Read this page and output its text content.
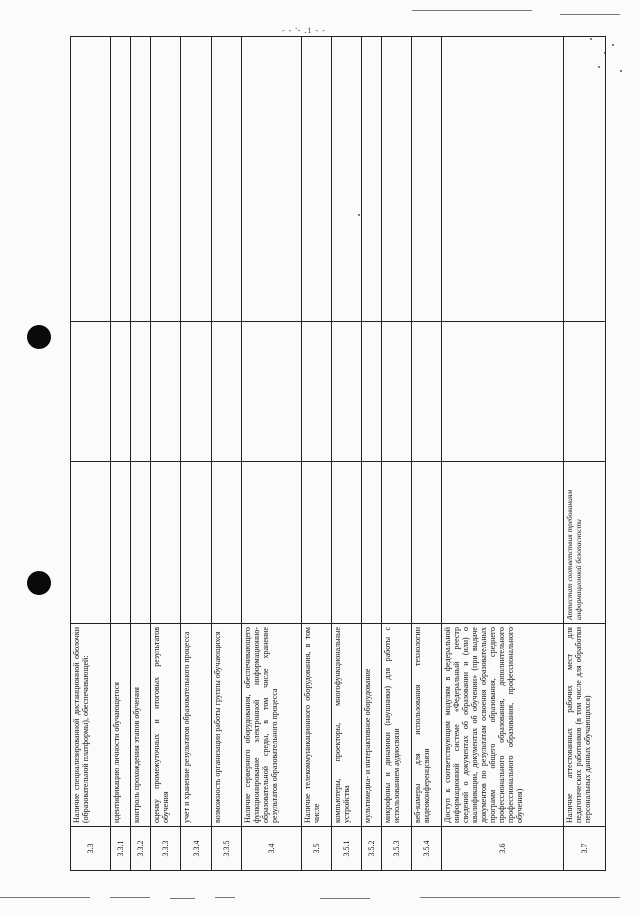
- - '- .1 - -
3.3	Наличие специализированной дистанционной оболочки (образовательной платформы), обеспечивающей:			
3.3.1	идентификацию личности обучающегося			
3.3.2	контроль прохождения этапов обучения			
3.3.3	оценку промежуточных и итоговых результатов обучения			
3.3.4	учет и хранение результатов образовательного процесса			
3.3.5	возможность организации работы группы обучающихся			
3.4	Наличие серверного оборудования, обеспечивающего функционирование электронной информационно-образовательной среды, в том числе хранение результатов образовательного процесса			
3.5	Наличие телекоммуникационного оборудования, в том числе			
3.5.1	компьютеры, проекторы, многофункциональные устройства			
3.5.2	мультимедиа- и интерактивное оборудование			
3.5.3	микрофоны и динамики (наушники) для работы с использованием аудиосвязи			
3.5.4	веб-камеры для использования технологии видеоконференцсвязи			
3.6	Доступ к соответствующим модулям в федеральной информационной системе «Федеральный реестр сведений о документах об образовании и (или) о квалификации, документах об обучении» (при выдаче документов по результатам освоения образовательных программ общего образования, среднего профессионального образования, дополнительного профессионального образования, профессионального обучения)			
3.7	Наличие аттестованных рабочих мест для педагогических работников (в том числе для обработки персональных данных обучающихся)	Аттестат соответствия требованиям информационной безопасности		
